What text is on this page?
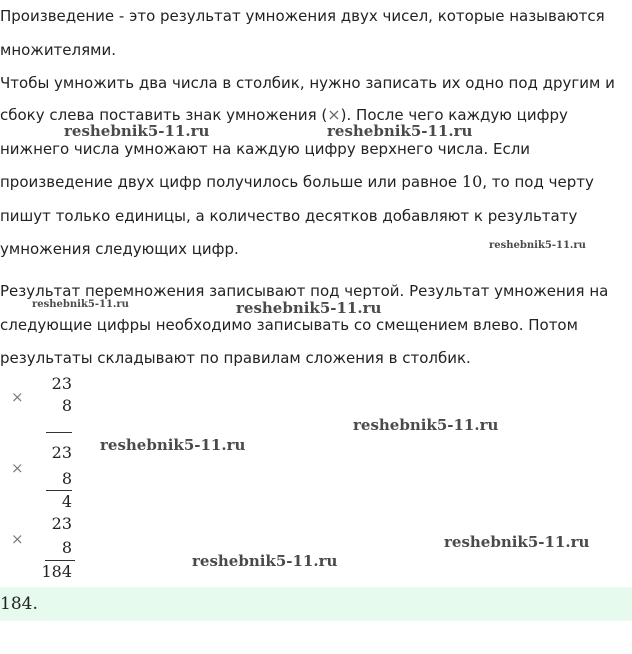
Произведение - это результат умножения двух чисел, которые называются
множителями.
Чтобы умножить два числа в столбик, нужно записать их одно под другим и
сбоку слева поставить знак умножения (×). После чего каждую цифру
нижнего числа умножают на каждую цифру верхнего числа. Если
произведение двух цифр получилось больше или равное 10, то под черту
пишут только единицы, а количество десятков добавляют к результату
умножения следующих цифр.
Результат перемножения записывают под чертой. Результат умножения на
следующие цифры необходимо записывать со смещением влево. Потом
результаты складывают по правилам сложения в столбик.
×
23
8
×
23
8
4
×
23
8
184
184.
reshebnik5-11.ru	reshebnik5-11.ru
reshebnik5-11.ru
reshebnik5-11.ru	reshebnik5-11.ru
reshebnik5-11.ru
reshebnik5-11.ru
reshebnik5-11.ru
reshebnik5-11.ru
